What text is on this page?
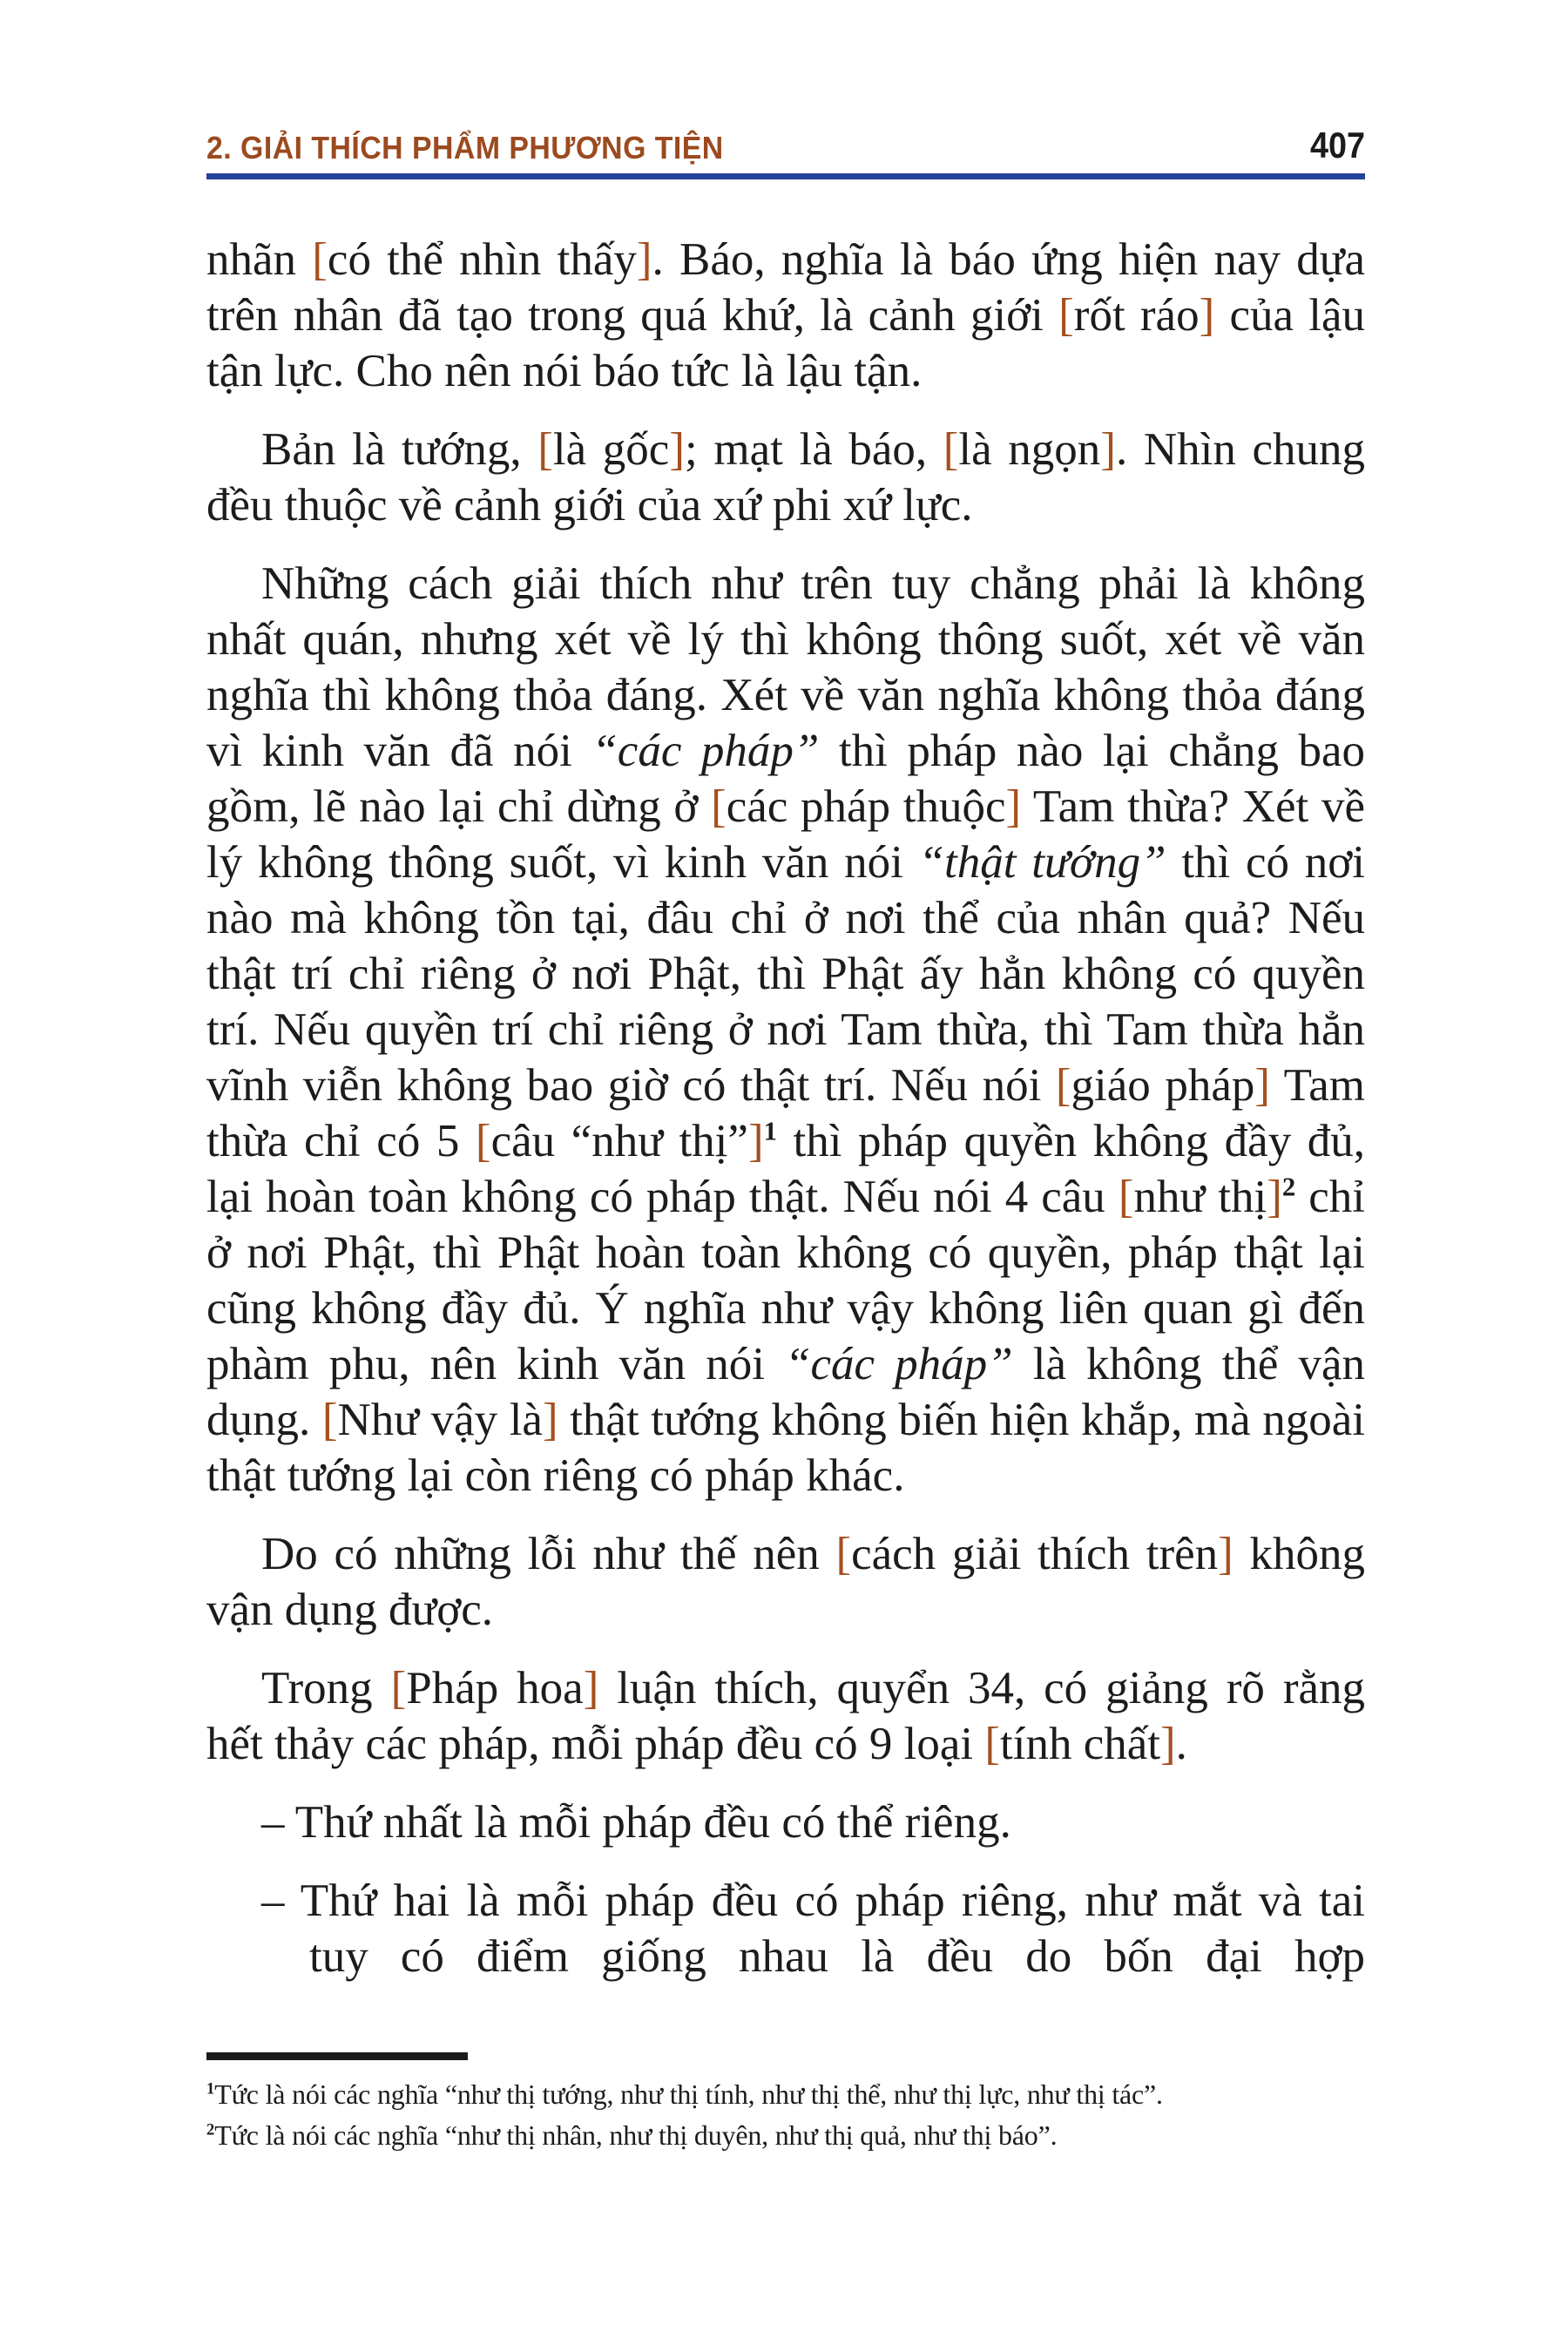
2. GIẢI THÍCH PHẨM PHƯƠNG TIỆN	407

nhãn [có thể nhìn thấy]. Báo, nghĩa là báo ứng hiện nay dựa trên nhân đã tạo trong quá khứ, là cảnh giới [rốt ráo] của lậu tận lực. Cho nên nói báo tức là lậu tận.

Bản là tướng, [là gốc]; mạt là báo, [là ngọn]. Nhìn chung đều thuộc về cảnh giới của xứ phi xứ lực.

Những cách giải thích như trên tuy chẳng phải là không nhất quán, nhưng xét về lý thì không thông suốt, xét về văn nghĩa thì không thỏa đáng. Xét về văn nghĩa không thỏa đáng vì kinh văn đã nói “các pháp” thì pháp nào lại chẳng bao gồm, lẽ nào lại chỉ dừng ở [các pháp thuộc] Tam thừa? Xét về lý không thông suốt, vì kinh văn nói “thật tướng” thì có nơi nào mà không tồn tại, đâu chỉ ở nơi thể của nhân quả? Nếu thật trí chỉ riêng ở nơi Phật, thì Phật ấy hẳn không có quyền trí. Nếu quyền trí chỉ riêng ở nơi Tam thừa, thì Tam thừa hẳn vĩnh viễn không bao giờ có thật trí. Nếu nói [giáo pháp] Tam thừa chỉ có 5 [câu “như thị”]$^1$ thì pháp quyền không đầy đủ, lại hoàn toàn không có pháp thật. Nếu nói 4 câu [như thị]$^2$ chỉ ở nơi Phật, thì Phật hoàn toàn không có quyền, pháp thật lại cũng không đầy đủ. Ý nghĩa như vậy không liên quan gì đến phàm phu, nên kinh văn nói “các pháp” là không thể vận dụng. [Như vậy là] thật tướng không biến hiện khắp, mà ngoài thật tướng lại còn riêng có pháp khác.

Do có những lỗi như thế nên [cách giải thích trên] không vận dụng được.

Trong [Pháp hoa] luận thích, quyển 34, có giảng rõ rằng hết thảy các pháp, mỗi pháp đều có 9 loại [tính chất].

– Thứ nhất là mỗi pháp đều có thể riêng.
– Thứ hai là mỗi pháp đều có pháp riêng, như mắt và tai tuy có điểm giống nhau là đều do bốn đại hợp

$^1$Tức là nói các nghĩa “như thị tướng, như thị tính, như thị thể, như thị lực, như thị tác”.

$^2$Tức là nói các nghĩa “như thị nhân, như thị duyên, như thị quả, như thị báo”.
